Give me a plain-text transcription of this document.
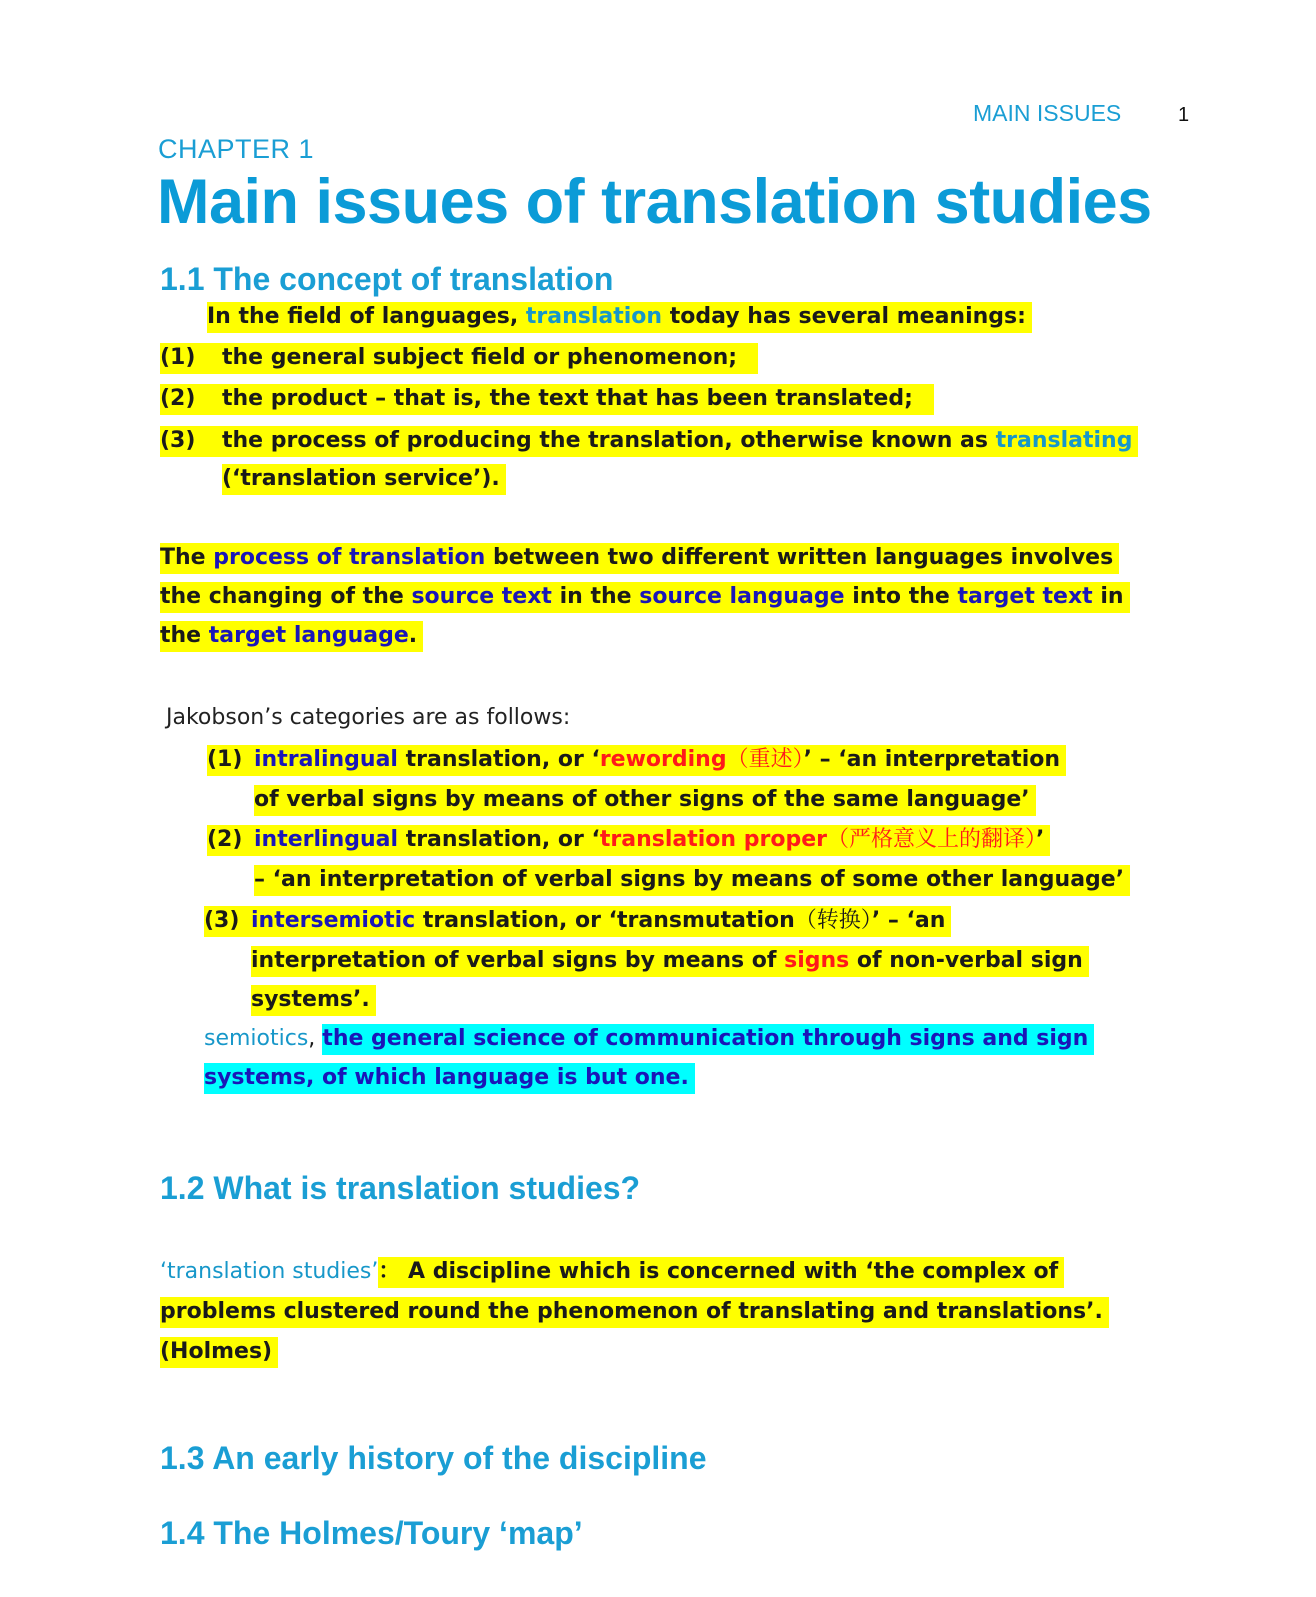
MAIN ISSUES	1
CHAPTER 1
Main issues of translation studies
1.1 The concept of translation
In the field of languages, translation today has several meanings:
(1) the general subject field or phenomenon;
(2) the product – that is, the text that has been translated;
(3) the process of producing the translation, otherwise known as translating
(‘translation service’).
The process of translation between two different written languages involves
the changing of the source text in the source language into the target text in
the target language.
Jakobson’s categories are as follows:
(1) intralingual translation, or ‘rewording（重述）’ – ‘an interpretation
of verbal signs by means of other signs of the same language’
(2) interlingual translation, or ‘translation proper（严格意义上的翻译）’
– ‘an interpretation of verbal signs by means of some other language’
(3) intersemiotic translation, or ‘transmutation（转换）’ – ‘an
interpretation of verbal signs by means of signs of non-verbal sign
systems’.
semiotics, the general science of communication through signs and sign
systems, of which language is but one.
1.2 What is translation studies?
‘translation studies’： A discipline which is concerned with ‘the complex of
problems clustered round the phenomenon of translating and translations’.
(Holmes)
1.3 An early history of the discipline
1.4 The Holmes/Toury ‘map’
